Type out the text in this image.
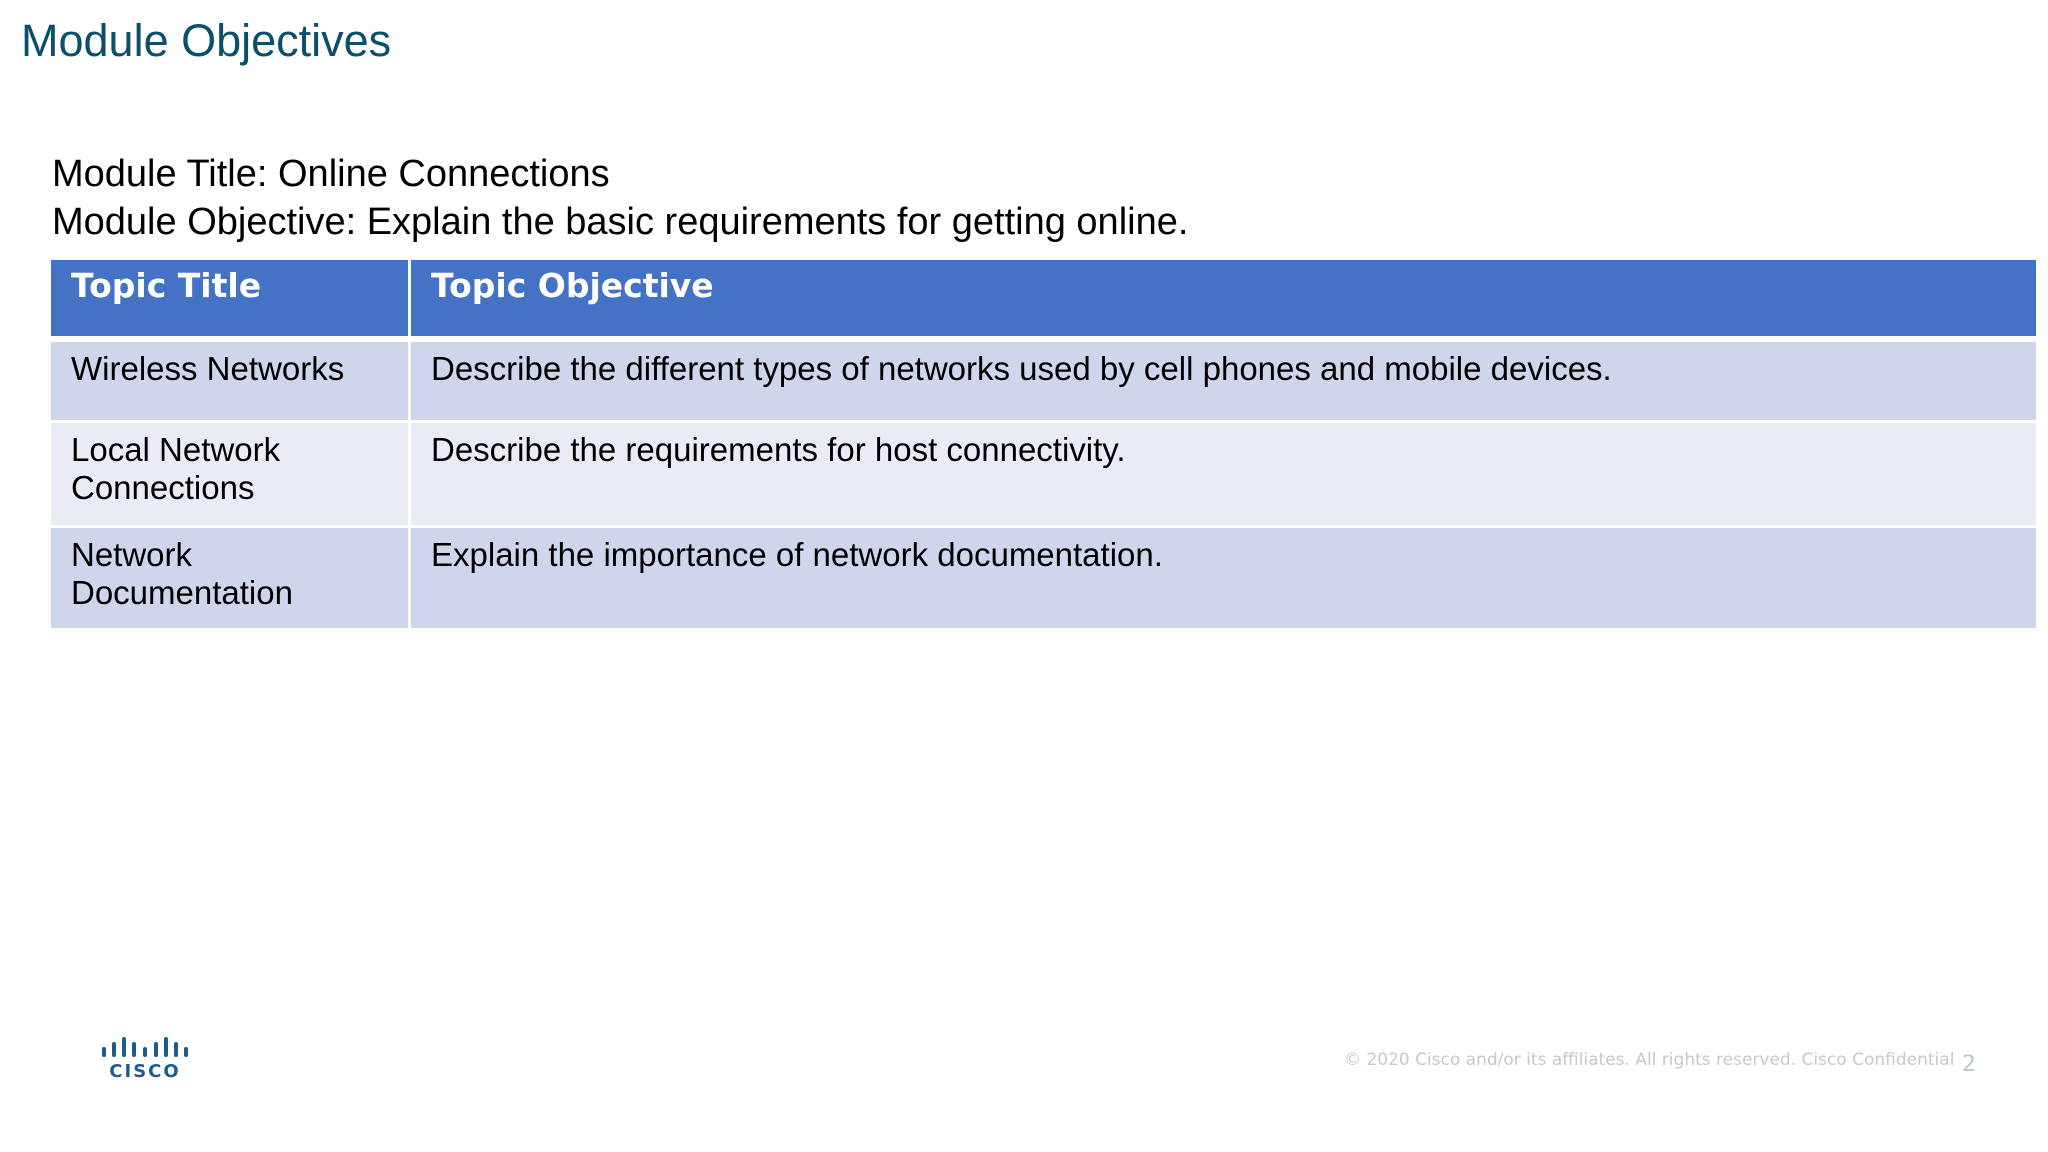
Module Objectives
Module Title: Online Connections
Module Objective: Explain the basic requirements for getting online.
Topic Title	Topic Objective
Wireless Networks	Describe the different types of networks used by cell phones and mobile devices.
Local Network Connections	Describe the requirements for host connectivity.
Network Documentation	Explain the importance of network documentation.
CISCO
© 2020 Cisco and/or its affiliates. All rights reserved. Cisco Confidential 2
